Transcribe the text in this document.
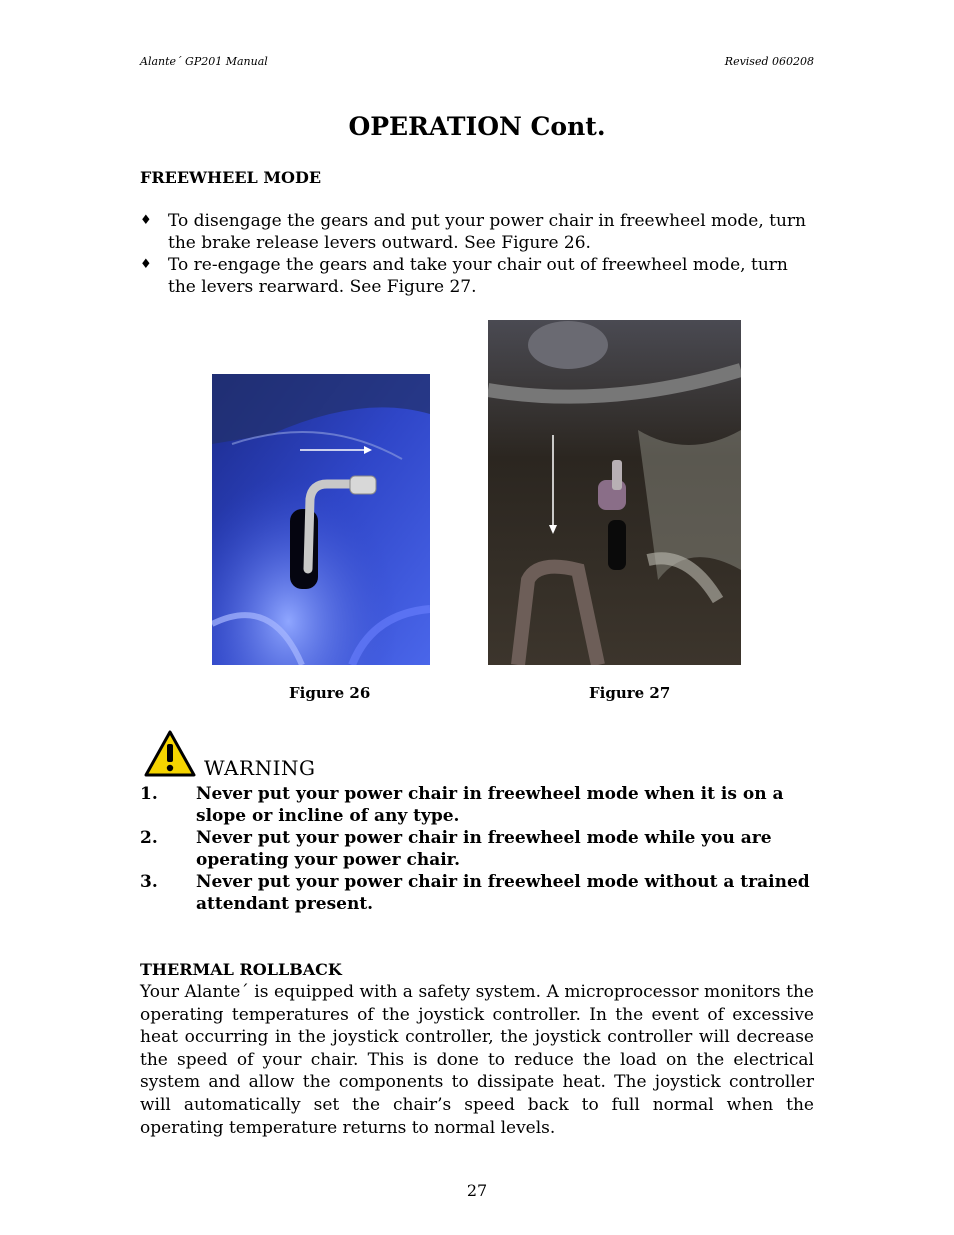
Alante´ GP201 Manual	Revised 060208
OPERATION Cont.
FREEWHEEL MODE
♦ To disengage the gears and put your power chair in freewheel mode, turn the brake release levers outward. See Figure 26.
♦ To re-engage the gears and take your chair out of freewheel mode, turn the levers rearward. See Figure 27.
Figure 26	Figure 27
WARNING
1.	Never put your power chair in freewheel mode when it is on a slope or incline of any type.
2.	Never put your power chair in freewheel mode while you are operating your power chair.
3.	Never put your power chair in freewheel mode without a trained attendant present.
THERMAL ROLLBACK
Your Alante´ is equipped with a safety system. A microprocessor monitors the operating temperatures of the joystick controller. In the event of excessive heat occurring in the joystick controller, the joystick controller will decrease the speed of your chair. This is done to reduce the load on the electrical system and allow the components to dissipate heat. The joystick controller will automatically set the chair’s speed back to full normal when the operating temperature returns to normal levels.
27
